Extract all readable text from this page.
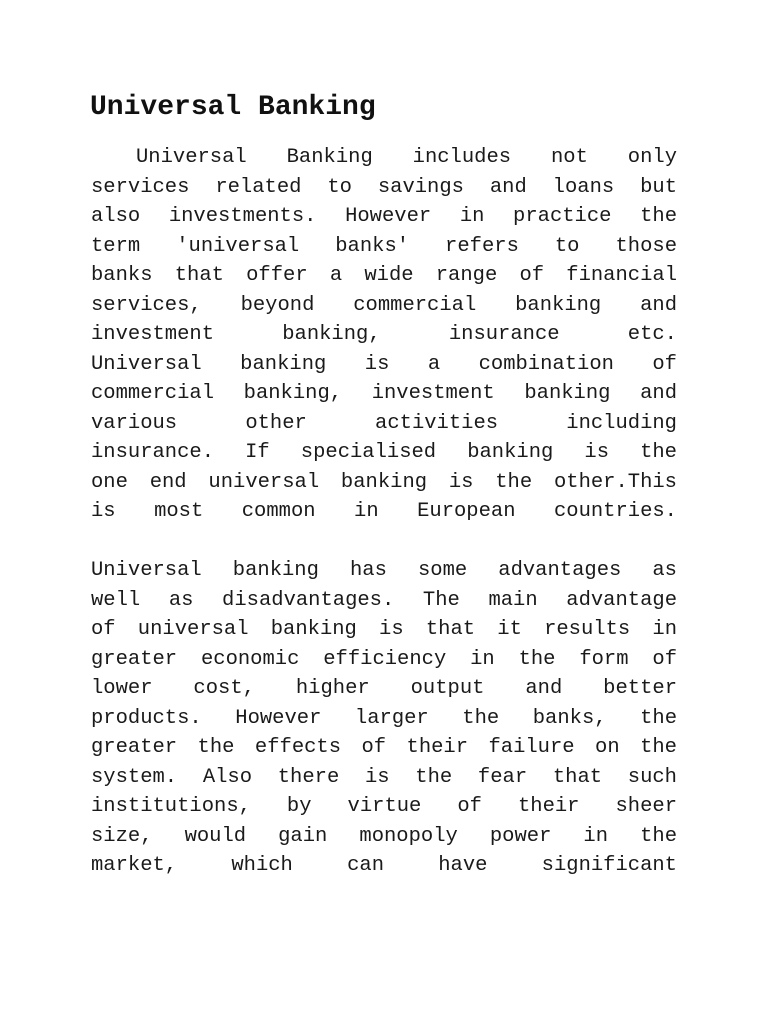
Universal Banking
Universal Banking includes not only
services related to savings and loans but
also investments. However in practice the
term 'universal banks' refers to those
banks that offer a wide range of financial
services, beyond commercial banking and
investment banking, insurance etc.
Universal banking is a combination of
commercial banking, investment banking and
various other activities including
insurance. If specialised banking is the
one end universal banking is the other.This
is most common in European countries.
Universal banking has some advantages as
well as disadvantages. The main advantage
of universal banking is that it results in
greater economic efficiency in the form of
lower cost, higher output and better
products. However larger the banks, the
greater the effects of their failure on the
system. Also there is the fear that such
institutions, by virtue of their sheer
size, would gain monopoly power in the
market, which can have significant
